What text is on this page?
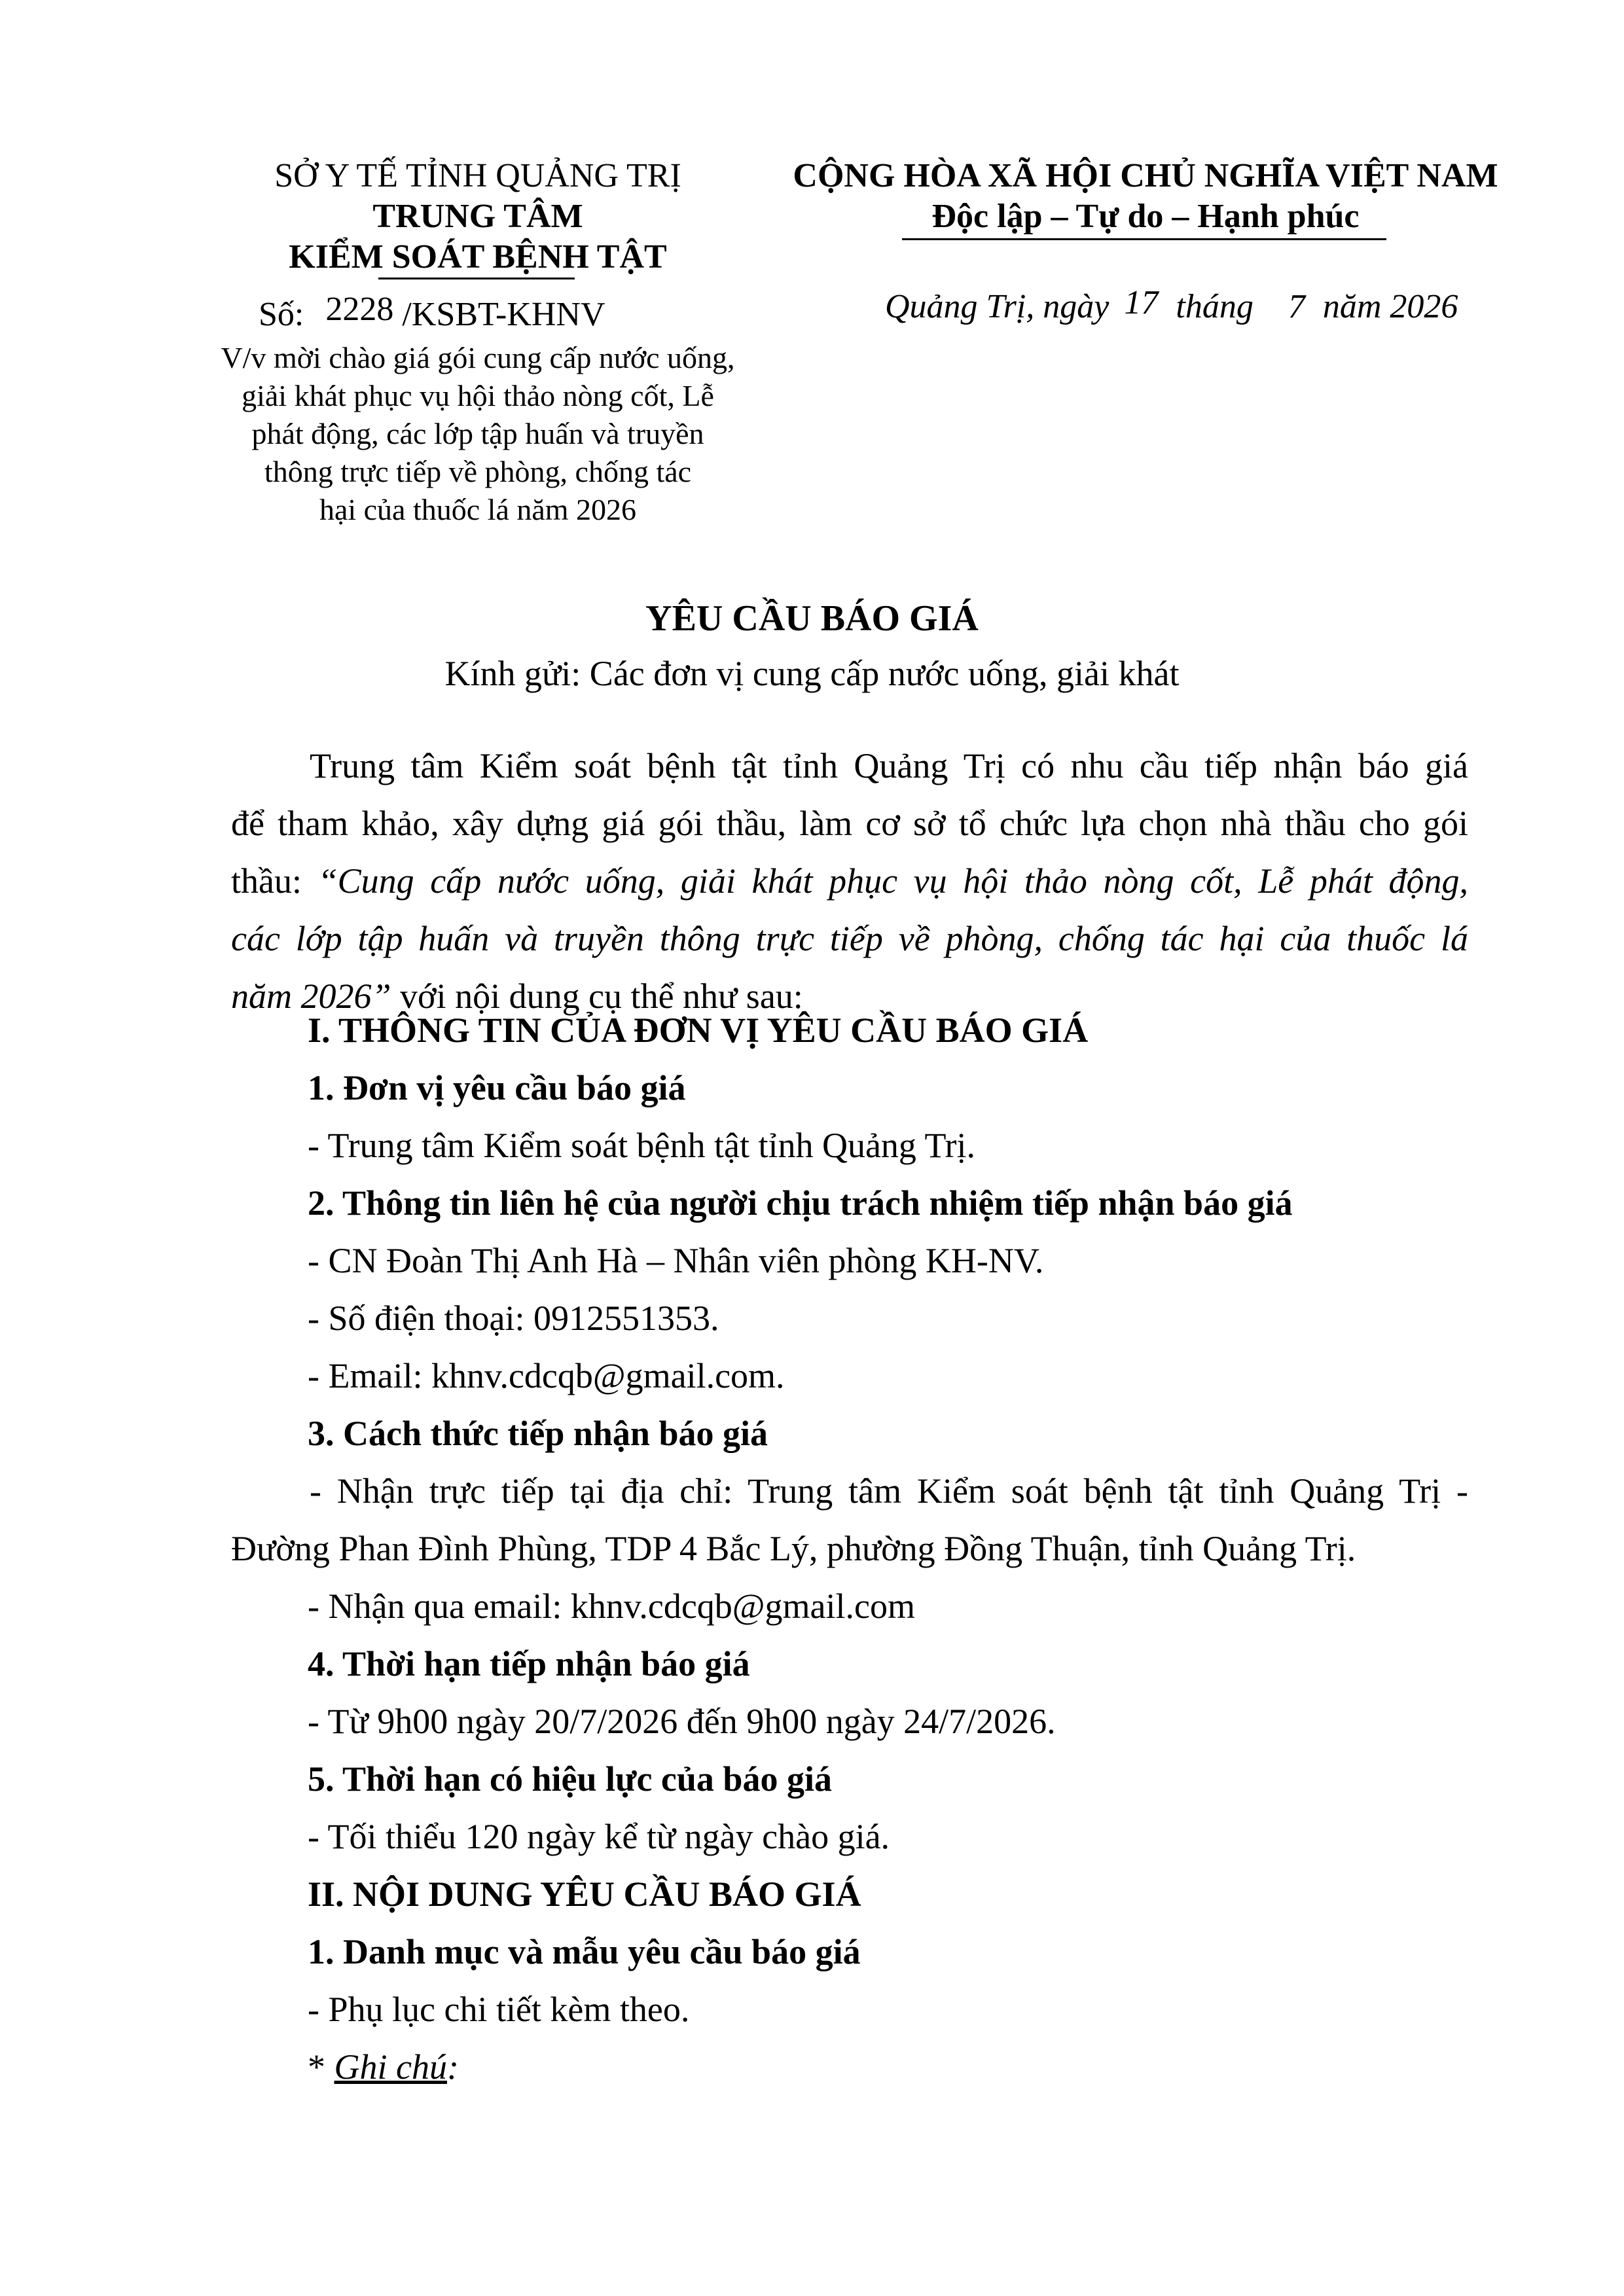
SỞ Y TẾ TỈNH QUẢNG TRỊ
TRUNG TÂM
KIỂM SOÁT BỆNH TẬT
Số: 2228 /KSBT-KHNV
V/v mời chào giá gói cung cấp nước uống,
giải khát phục vụ hội thảo nòng cốt, Lễ
phát động, các lớp tập huấn và truyền
thông trực tiếp về phòng, chống tác
hại của thuốc lá năm 2026
CỘNG HÒA XÃ HỘI CHỦ NGHĨA VIỆT NAM
Độc lập – Tự do – Hạnh phúc
Quảng Trị, ngày 17 tháng 7 năm 2026
YÊU CẦU BÁO GIÁ
Kính gửi: Các đơn vị cung cấp nước uống, giải khát
Trung tâm Kiểm soát bệnh tật tỉnh Quảng Trị có nhu cầu tiếp nhận báo giá
để tham khảo, xây dựng giá gói thầu, làm cơ sở tổ chức lựa chọn nhà thầu cho gói
thầu: “Cung cấp nước uống, giải khát phục vụ hội thảo nòng cốt, Lễ phát động,
các lớp tập huấn và truyền thông trực tiếp về phòng, chống tác hại của thuốc lá
năm 2026” với nội dung cụ thể như sau:
I. THÔNG TIN CỦA ĐƠN VỊ YÊU CẦU BÁO GIÁ
1. Đơn vị yêu cầu báo giá
- Trung tâm Kiểm soát bệnh tật tỉnh Quảng Trị.
2. Thông tin liên hệ của người chịu trách nhiệm tiếp nhận báo giá
- CN Đoàn Thị Anh Hà – Nhân viên phòng KH-NV.
- Số điện thoại: 0912551353.
- Email: khnv.cdcqb@gmail.com.
3. Cách thức tiếp nhận báo giá
- Nhận trực tiếp tại địa chỉ: Trung tâm Kiểm soát bệnh tật tỉnh Quảng Trị -
Đường Phan Đình Phùng, TDP 4 Bắc Lý, phường Đồng Thuận, tỉnh Quảng Trị.
- Nhận qua email: khnv.cdcqb@gmail.com
4. Thời hạn tiếp nhận báo giá
- Từ 9h00 ngày 20/7/2026 đến 9h00 ngày 24/7/2026.
5. Thời hạn có hiệu lực của báo giá
- Tối thiểu 120 ngày kể từ ngày chào giá.
II. NỘI DUNG YÊU CẦU BÁO GIÁ
1. Danh mục và mẫu yêu cầu báo giá
- Phụ lục chi tiết kèm theo.
* Ghi chú:
